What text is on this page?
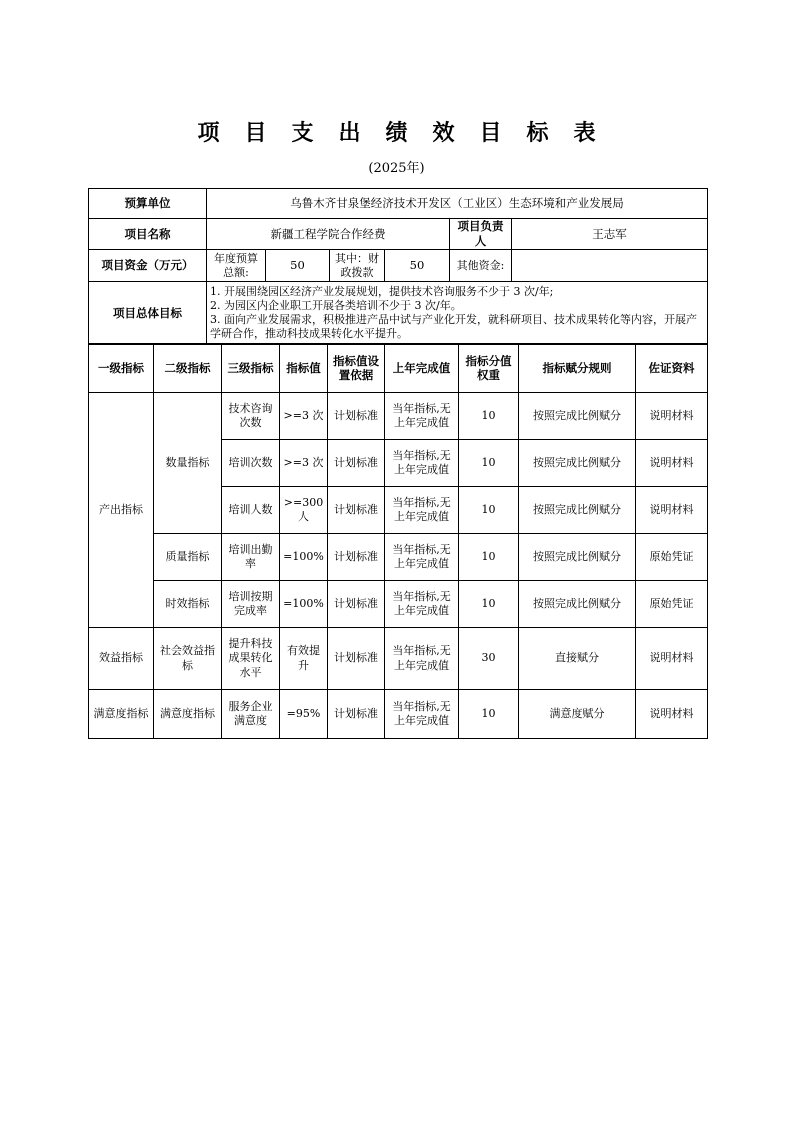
项目支出绩效目标表
(2025年)
预算单位	乌鲁木齐甘泉堡经济技术开发区（工业区）生态环境和产业发展局					
项目名称	新疆工程学院合作经费				项目负责人	王志军
项目资金（万元）	年度预算总额:	50	其中：财政拨款	50	其他资金:	
项目总体目标	1. 开展围绕园区经济产业发展规划，提供技术咨询服务不少于 3 次/年;
2. 为园区内企业职工开展各类培训不少于 3 次/年。
3. 面向产业发展需求，积极推进产品中试与产业化开发，就科研项目、技术成果转化等内容，开展产学研合作，推动科技成果转化水平提升。					
一级指标	二级指标	三级指标	指标值	指标值设置依据	上年完成值	指标分值权重	指标赋分规则	佐证资料
产出指标	数量指标	技术咨询次数	>=3 次	计划标准	当年指标,无上年完成值	10	按照完成比例赋分	说明材料
		培训次数	>=3 次	计划标准	当年指标,无上年完成值	10	按照完成比例赋分	说明材料
		培训人数	>=300人	计划标准	当年指标,无上年完成值	10	按照完成比例赋分	说明材料
	质量指标	培训出勤率	=100%	计划标准	当年指标,无上年完成值	10	按照完成比例赋分	原始凭证
	时效指标	培训按期完成率	=100%	计划标准	当年指标,无上年完成值	10	按照完成比例赋分	原始凭证
效益指标	社会效益指标	提升科技成果转化水平	有效提升	计划标准	当年指标,无上年完成值	30	直接赋分	说明材料
满意度指标	满意度指标	服务企业满意度	=95%	计划标准	当年指标,无上年完成值	10	满意度赋分	说明材料
